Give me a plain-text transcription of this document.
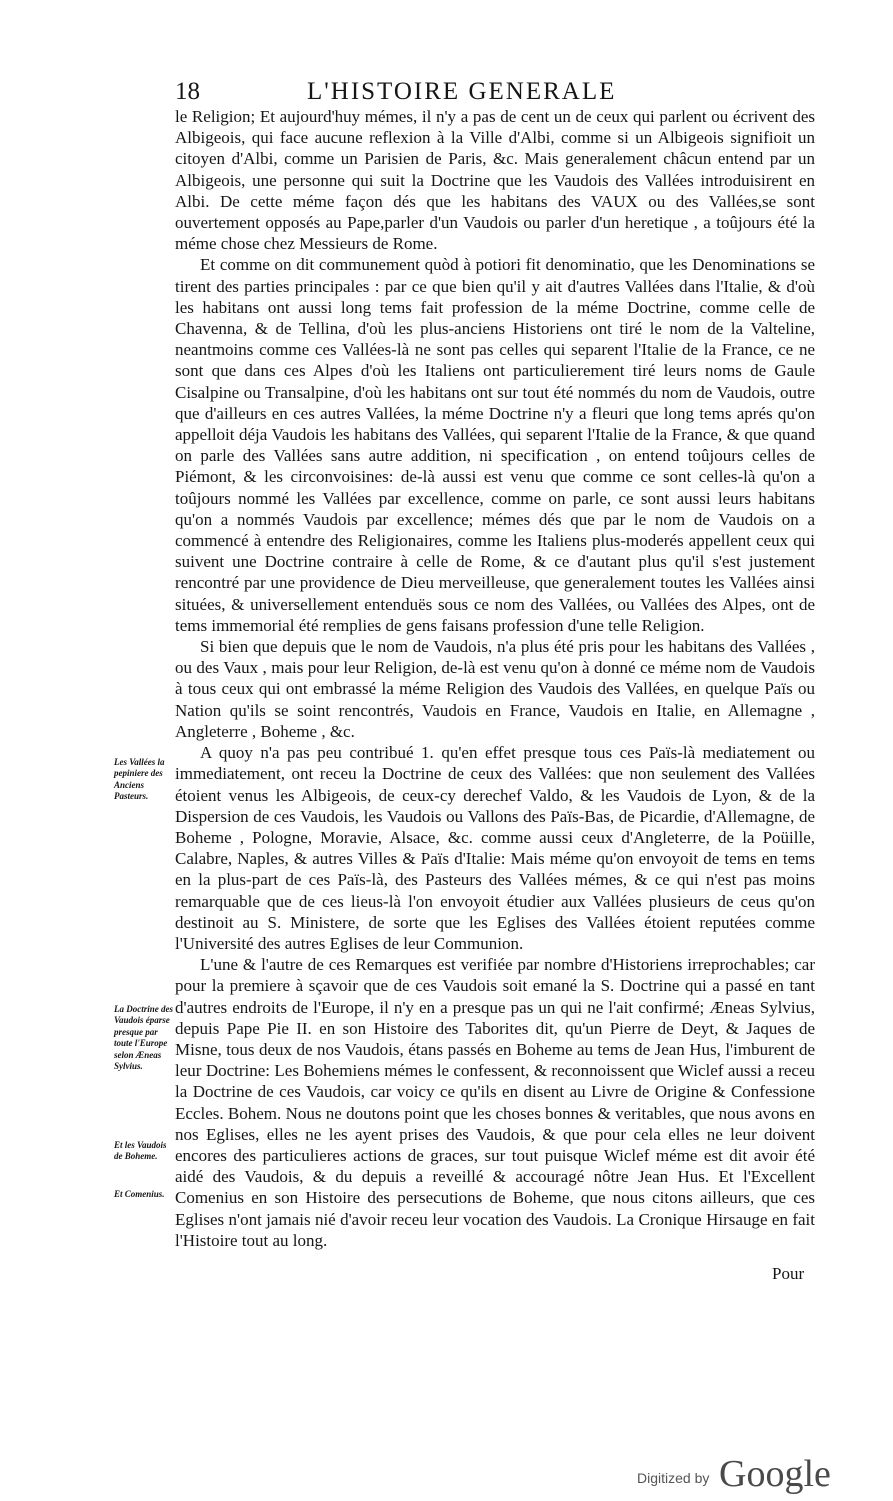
18	L'HISTOIRE GENERALE

le Religion; Et aujourd'huy mémes, il n'y a pas de cent un de ceux qui parlent ou écrivent des Albigeois, qui face aucune reflexion à la Ville d'Albi, comme si un Albigeois signifioit un citoyen d'Albi, comme un Parisien de Paris, &c. Mais generalement châcun entend par un Albigeois, une personne qui suit la Doctrine que les Vaudois des Vallées introduisirent en Albi. De cette méme façon dés que les habitans des VAUX ou des Vallées,se sont ouvertement opposés au Pape,parler d'un Vaudois ou parler d'un heretique , a toûjours été la méme chose chez Messieurs de Rome.

Et comme on dit communement quòd à potiori fit denominatio, que les Denominations se tirent des parties principales : par ce que bien qu'il y ait d'autres Vallées dans l'Italie, & d'où les habitans ont aussi long tems fait profession de la méme Doctrine, comme celle de Chavenna, & de Tellina, d'où les plus-anciens Historiens ont tiré le nom de la Valteline, neantmoins comme ces Vallées-là ne sont pas celles qui separent l'Italie de la France, ce ne sont que dans ces Alpes d'où les Italiens ont particulierement tiré leurs noms de Gaule Cisalpine ou Transalpine, d'où les habitans ont sur tout été nommés du nom de Vaudois, outre que d'ailleurs en ces autres Vallées, la méme Doctrine n'y a fleuri que long tems aprés qu'on appelloit déja Vaudois les habitans des Vallées, qui separent l'Italie de la France, & que quand on parle des Vallées sans autre addition, ni specification , on entend toûjours celles de Piémont, & les circonvoisines: de-là aussi est venu que comme ce sont celles-là qu'on a toûjours nommé les Vallées par excellence, comme on parle, ce sont aussi leurs habitans qu'on a nommés Vaudois par excellence; mémes dés que par le nom de Vaudois on a commencé à entendre des Religionaires, comme les Italiens plus-moderés appellent ceux qui suivent une Doctrine contraire à celle de Rome, & ce d'autant plus qu'il s'est justement rencontré par une providence de Dieu merveilleuse, que generalement toutes les Vallées ainsi situées, & universellement entenduës sous ce nom des Vallées, ou Vallées des Alpes, ont de tems immemorial été remplies de gens faisans profession d'une telle Religion.

Si bien que depuis que le nom de Vaudois, n'a plus été pris pour les habitans des Vallées , ou des Vaux , mais pour leur Religion, de-là est venu qu'on à donné ce méme nom de Vaudois à tous ceux qui ont embrassé la méme Religion des Vaudois des Vallées, en quelque Païs ou Nation qu'ils se soint rencontrés, Vaudois en France, Vaudois en Italie, en Allemagne , Angleterre , Boheme , &c.

A quoy n'a pas peu contribué 1. qu'en effet presque tous ces Païs-là mediatement ou immediatement, ont receu la Doctrine de ceux des Vallées: que non seulement des Vallées étoient venus les Albigeois, de ceux-cy derechef Valdo, & les Vaudois de Lyon, & de la Dispersion de ces Vaudois, les Vaudois ou Vallons des Païs-Bas, de Picardie, d'Allemagne, de Boheme , Pologne, Moravie, Alsace, &c. comme aussi ceux d'Angleterre, de la Poüille, Calabre, Naples, & autres Villes & Païs d'Italie: Mais méme qu'on envoyoit de tems en tems en la plus-part de ces Païs-là, des Pasteurs des Vallées mémes, & ce qui n'est pas moins remarquable que de ces lieus-là l'on envoyoit étudier aux Vallées plusieurs de ceus qu'on destinoit au S. Ministere, de sorte que les Eglises des Vallées étoient reputées comme l'Université des autres Eglises de leur Communion.

L'une & l'autre de ces Remarques est verifiée par nombre d'Historiens irreprochables; car pour la premiere à sçavoir que de ces Vaudois soit emané la S. Doctrine qui a passé en tant d'autres endroits de l'Europe, il n'y en a presque pas un qui ne l'ait confirmé; Æneas Sylvius, depuis Pape Pie II. en son Histoire des Taborites dit, qu'un Pierre de Deyt, & Jaques de Misne, tous deux de nos Vaudois, étans passés en Boheme au tems de Jean Hus, l'imburent de leur Doctrine: Les Bohemiens mémes le confessent, & reconnoissent que Wiclef aussi a receu la Doctrine de ces Vaudois, car voicy ce qu'ils en disent au Livre de Origine & Confessione Eccles. Bohem. Nous ne doutons point que les choses bonnes & veritables, que nous avons en nos Eglises, elles ne les ayent prises des Vaudois, & que pour cela elles ne leur doivent encores des particulieres actions de graces, sur tout puisque Wiclef méme est dit avoir été aidé des Vaudois, & du depuis a reveillé & accouragé nôtre Jean Hus. Et l'Excellent Comenius en son Histoire des persecutions de Boheme, que nous citons ailleurs, que ces Eglises n'ont jamais nié d'avoir receu leur vocation des Vaudois. La Cronique Hirsauge en fait l'Histoire tout au long.

Les Vallées la pepiniere des Anciens Pasteurs.
La Doctrine des Vaudois éparse presque par toute l'Europe selon Æneas Sylvius.
Et les Vaudois de Boheme.
Et Comenius.
Pour
Digitized by Google
